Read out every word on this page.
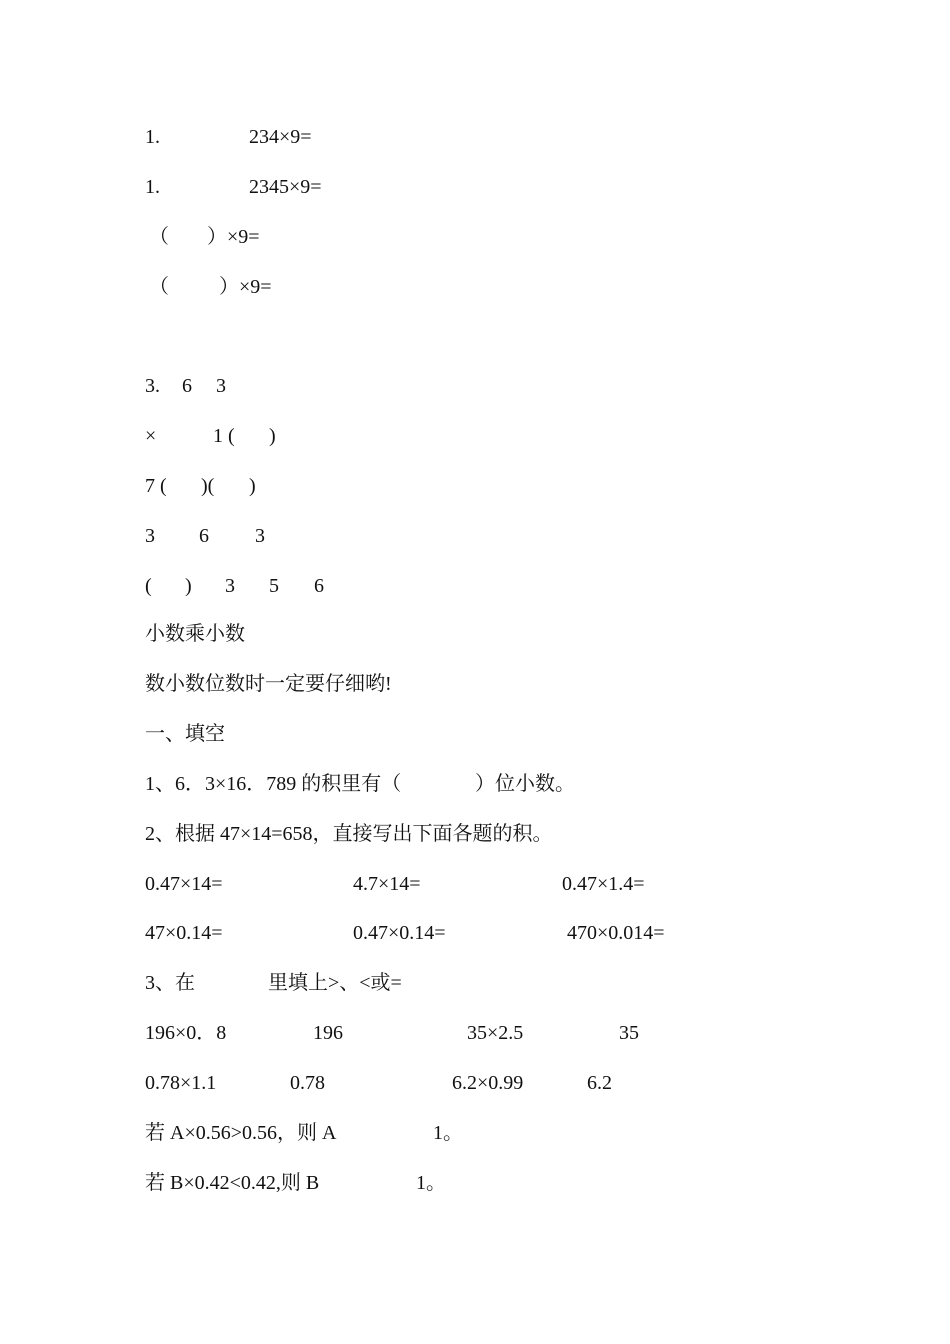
1.	234×9=
1.	2345×9=
（ ）×9=
（	）×9=
3. 6 3
×	1 ( )
7 ( )( )
3 6 3
( ) 3 5 6
小数乘小数
数小数位数时一定要仔细哟!
一、填空
1、6．3×16．789 的积里有（	）位小数。
2、根据 47×14=658，直接写出下面各题的积。
0.47×14=	4.7×14=	0.47×1.4=
47×0.14=	0.47×0.14=	470×0.014=
3、在	里填上>、<或=
196×0．8	196	35×2.5	35
0.78×1.1	0.78	6.2×0.99	6.2
若 A×0.56>0.56，则 A	1。
若 B×0.42<0.42,则 B	1。
